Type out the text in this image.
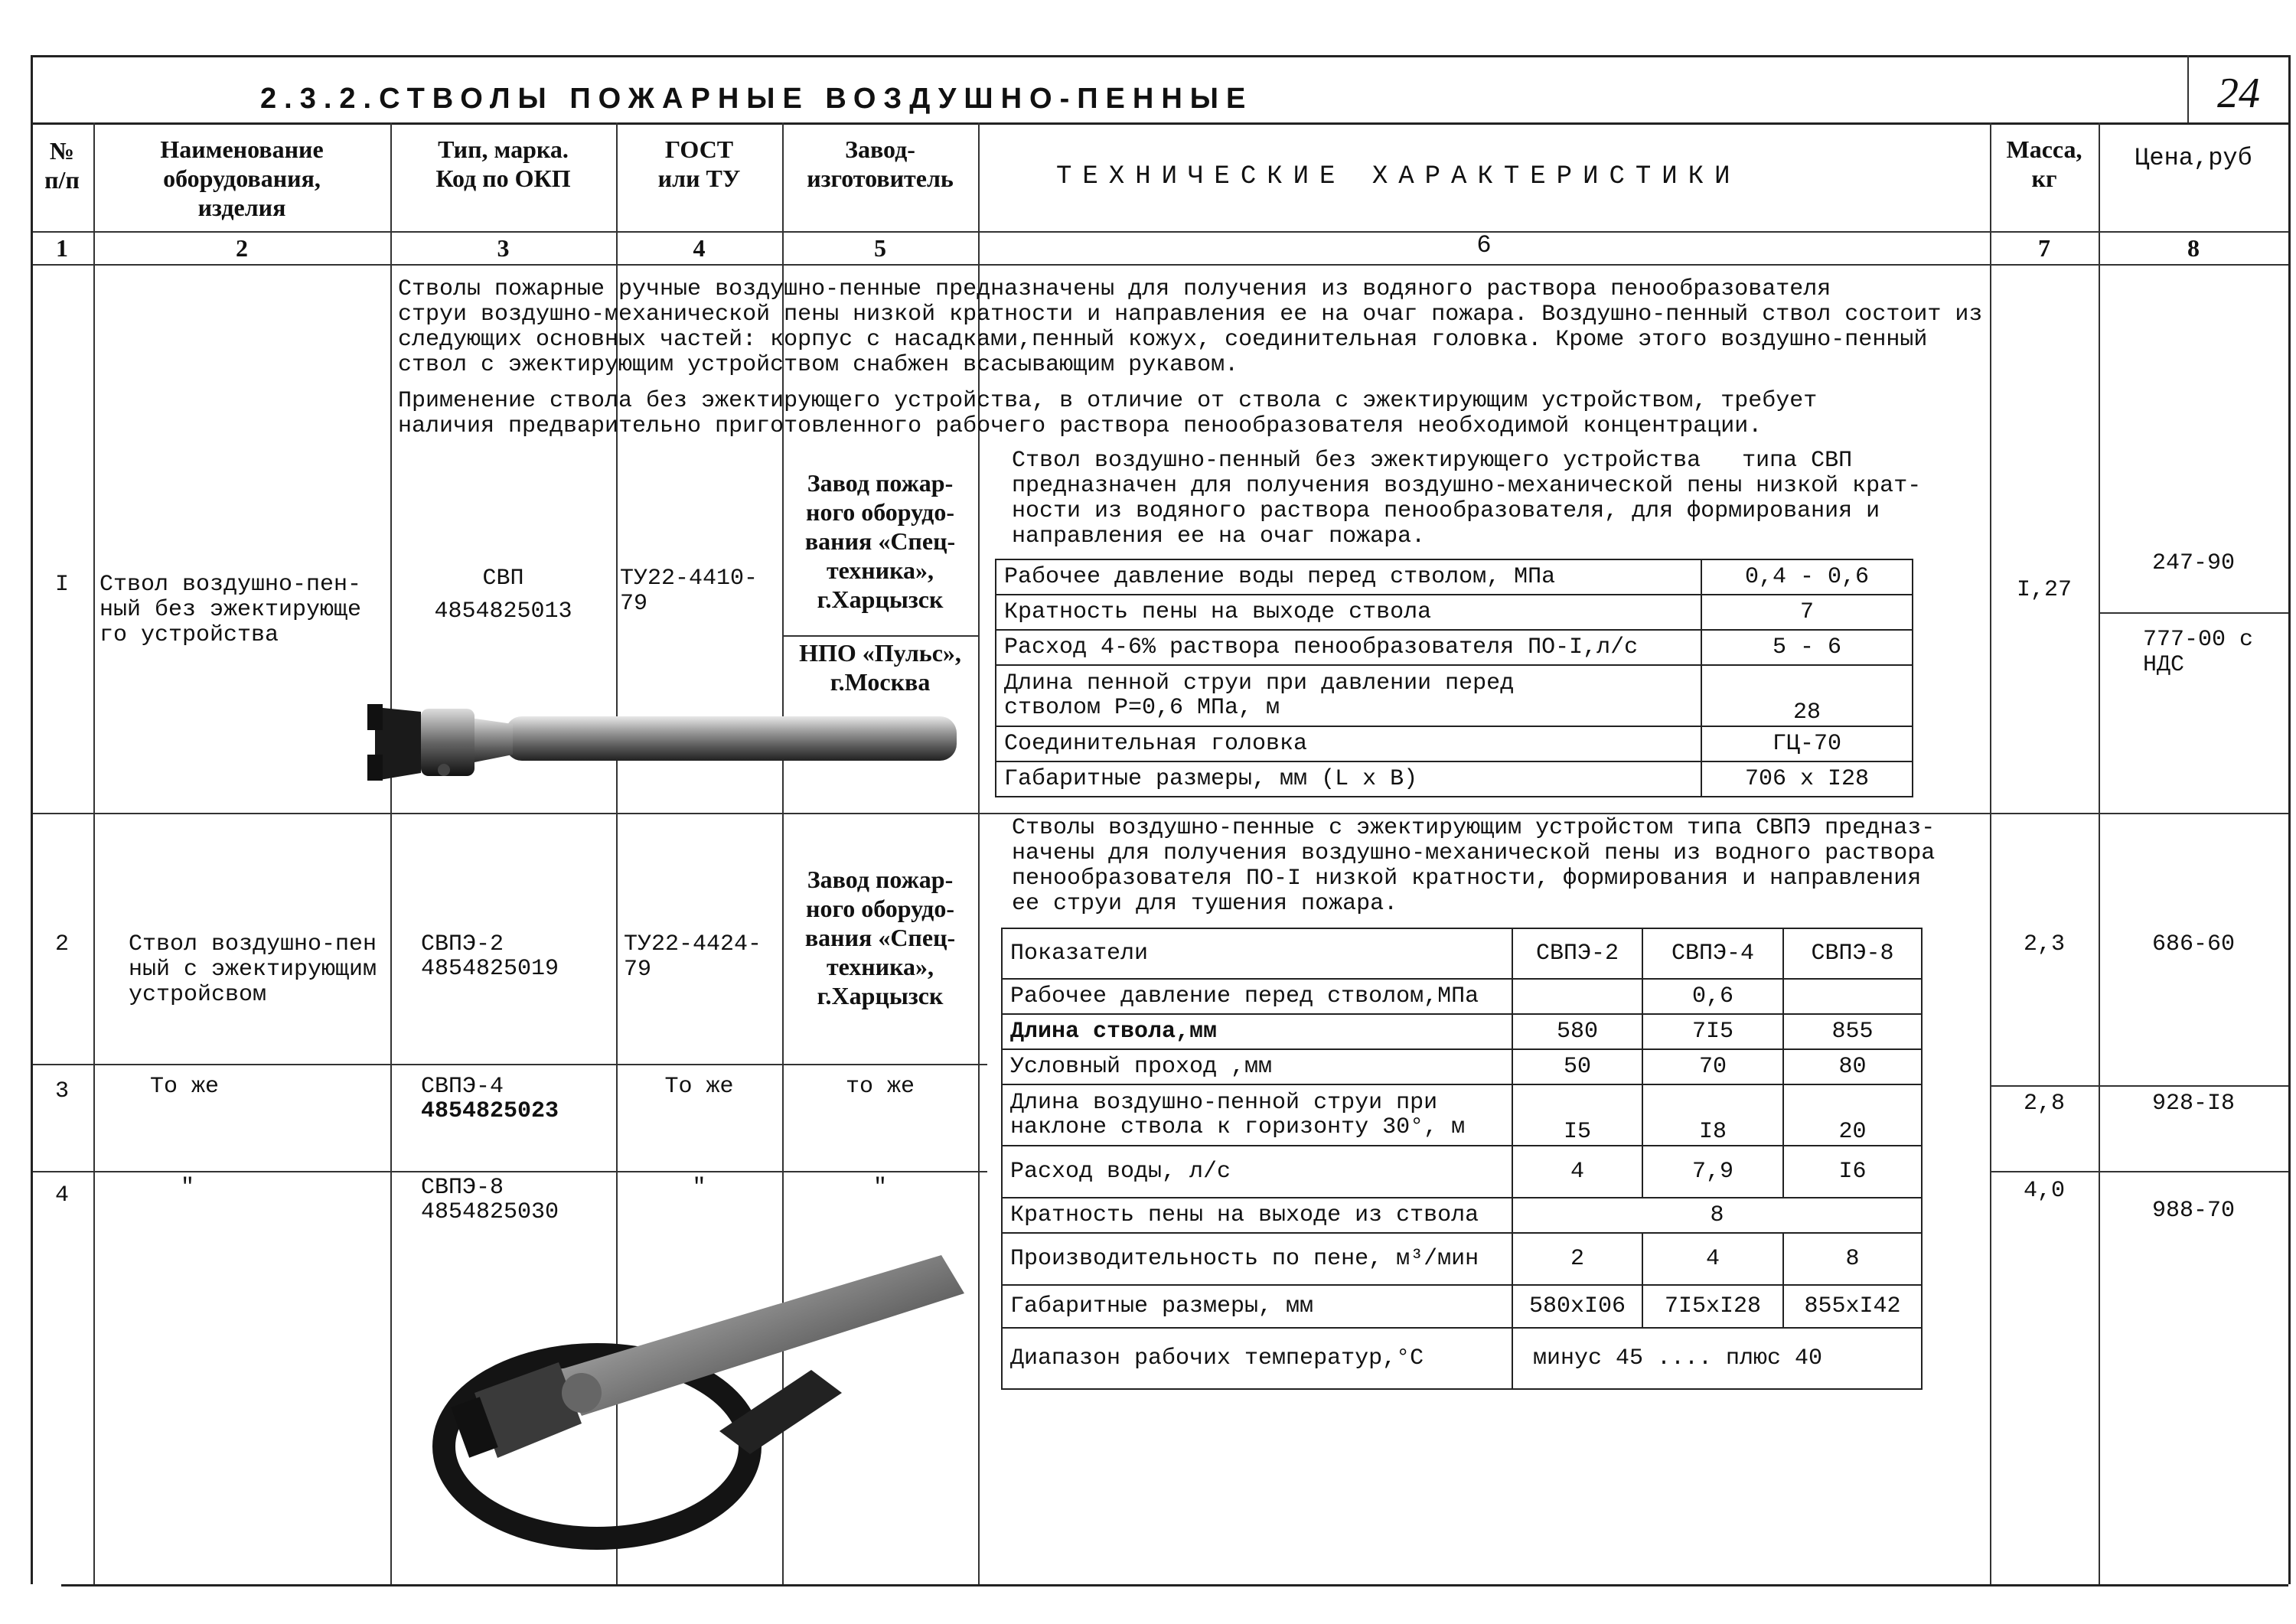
2.3.2.СТВОЛЫ ПОЖАРНЫЕ ВОЗДУШНО-ПЕННЫЕ	24
№
п/п
Наименование
оборудования,
изделия
Тип, марка.
Код по ОКП
ГОСТ
или ТУ
Завод-
изготовитель	ТЕХНИЧЕСКИЕ ХАРАКТЕРИСТИКИ
Масса,
кг
Цена,руб
1	2	3	4	5	6	7	8
Стволы пожарные ручные воздушно-пенные предназначены для получения из водяного раствора пенообразователя
струи воздушно-механической пены низкой кратности и направления ее на очаг пожара. Воздушно-пенный ствол состоит из
следующих основных частей: корпус с насадками,пенный кожух, соединительная головка. Кроме этого воздушно-пенный
ствол с эжектирующим устройством снабжен всасывающим рукавом.
Применение ствола без эжектирующего устройства, в отличие от ствола с эжектирующим устройством, требует
наличия предварительно приготовленного рабочего раствора пенообразователя необходимой концентрации.
I	Ствол воздушно-пен-
ный без эжектирующе
го устройства
СВП
4854825013
ТУ22-4410-
79
Завод пожар-
ного оборудо-
вания «Спец-
техника»,
г.Харцызск
НПО «Пульс»,
г.Москва
Ствол воздушно-пенный без эжектирующего устройства   типа СВП
предназначен для получения воздушно-механической пены низкой крат-
ности из водяного раствора пенообразователя, для формирования и
направления ее на очаг пожара.
I,27
247-90
777-00 с
НДС
Рабочее давление воды перед стволом, МПа	0,4 - 0,6
Кратность пены на выходе ствола	7
Расход 4-6% раствора пенообразователя ПО-I,л/с	5 - 6
Длина пенной струи при давлении перед
стволом P=0,6 МПа, м	28
Соединительная головка	ГЦ-70
Габаритные размеры, мм (L x B)	706 x I28
2	Ствол воздушно-пен
ный с эжектирующим
устройсвом
СВПЭ-2
4854825019
ТУ22-4424-
79
Завод пожар-
ного оборудо-
вания «Спец-
техника»,
г.Харцызск
Стволы воздушно-пенные с эжектирующим устройстом типа СВПЭ предназ-
начены для получения воздушно-механической пены из водного раствора
пенообразователя ПО-I низкой кратности, формирования и направления
ее струи для тушения пожара.
2,3	686-60
3	То же	СВПЭ-4
4854825023
То же	то же
2,8	928-I8
4	"	СВПЭ-8
4854825030
"	"	4,0
988-70
Показатели	СВПЭ-2	СВПЭ-4	СВПЭ-8
Рабочее давление перед стволом,МПа		0,6	
Длина ствола,мм	580	7I5	855
Условный проход ,мм	50	70	80
Длина воздушно-пенной струи при
наклоне ствола к горизонту 30°, м	I5	I8	20
Расход воды, л/с	4	7,9	I6
Кратность пены на выходе из ствола	8		
Производительность по пене, м³/мин	2	4	8
Габаритные размеры, мм	580хI06	7I5хI28	855хI42
Диапазон рабочих температур,°С	минус 45 .... плюс 40		
